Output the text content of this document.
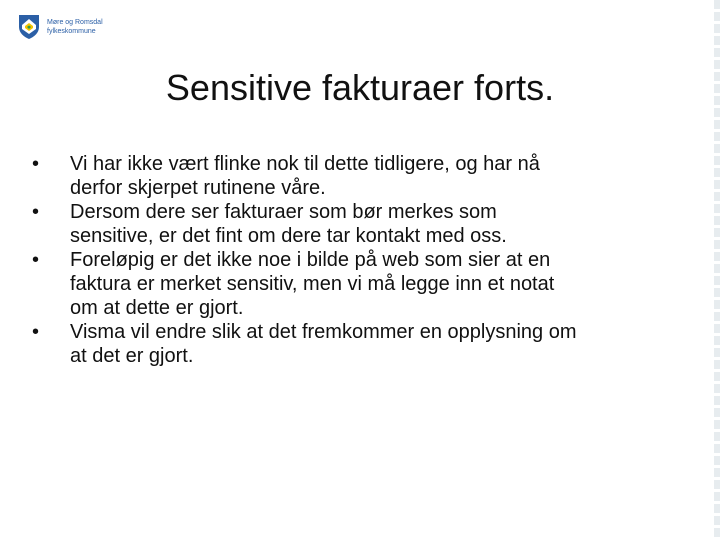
Møre og Romsdal
fylkeskommune
Sensitive fakturaer forts.
•	Vi har ikke vært flinke nok til dette tidligere, og har nå
derfor skjerpet rutinene våre.
•	Dersom dere ser fakturaer som bør merkes som
sensitive, er det fint om dere tar kontakt med oss.
•	Foreløpig er det ikke noe i bilde på web som sier at en
faktura er merket sensitiv, men vi må legge inn et notat
om at dette er gjort.
•	Visma vil endre slik at det fremkommer en opplysning om
at det er gjort.
